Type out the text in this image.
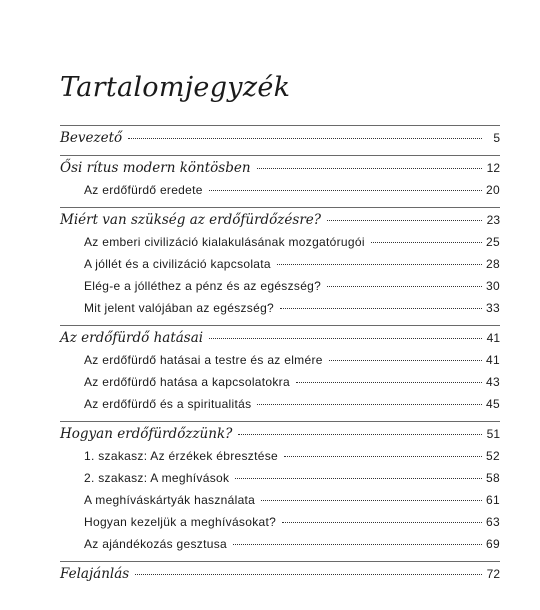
Tartalomjegyzék
Bevezető	5
Ősi rítus modern köntösben	12
Az erdőfürdő eredete	20
Miért van szükség az erdőfürdőzésre?	23
Az emberi civilizáció kialakulásának mozgatórugói	25
A jóllét és a civilizáció kapcsolata	28
Elég-e a jólléthez a pénz és az egészség?	30
Mit jelent valójában az egészség?	33
Az erdőfürdő hatásai	41
Az erdőfürdő hatásai a testre és az elmére	41
Az erdőfürdő hatása a kapcsolatokra	43
Az erdőfürdő és a spiritualitás	45
Hogyan erdőfürdőzzünk?	51
1. szakasz: Az érzékek ébresztése	52
2. szakasz: A meghívások	58
A meghíváskártyák használata	61
Hogyan kezeljük a meghívásokat?	63
Az ajándékozás gesztusa	69
Felajánlás	72
